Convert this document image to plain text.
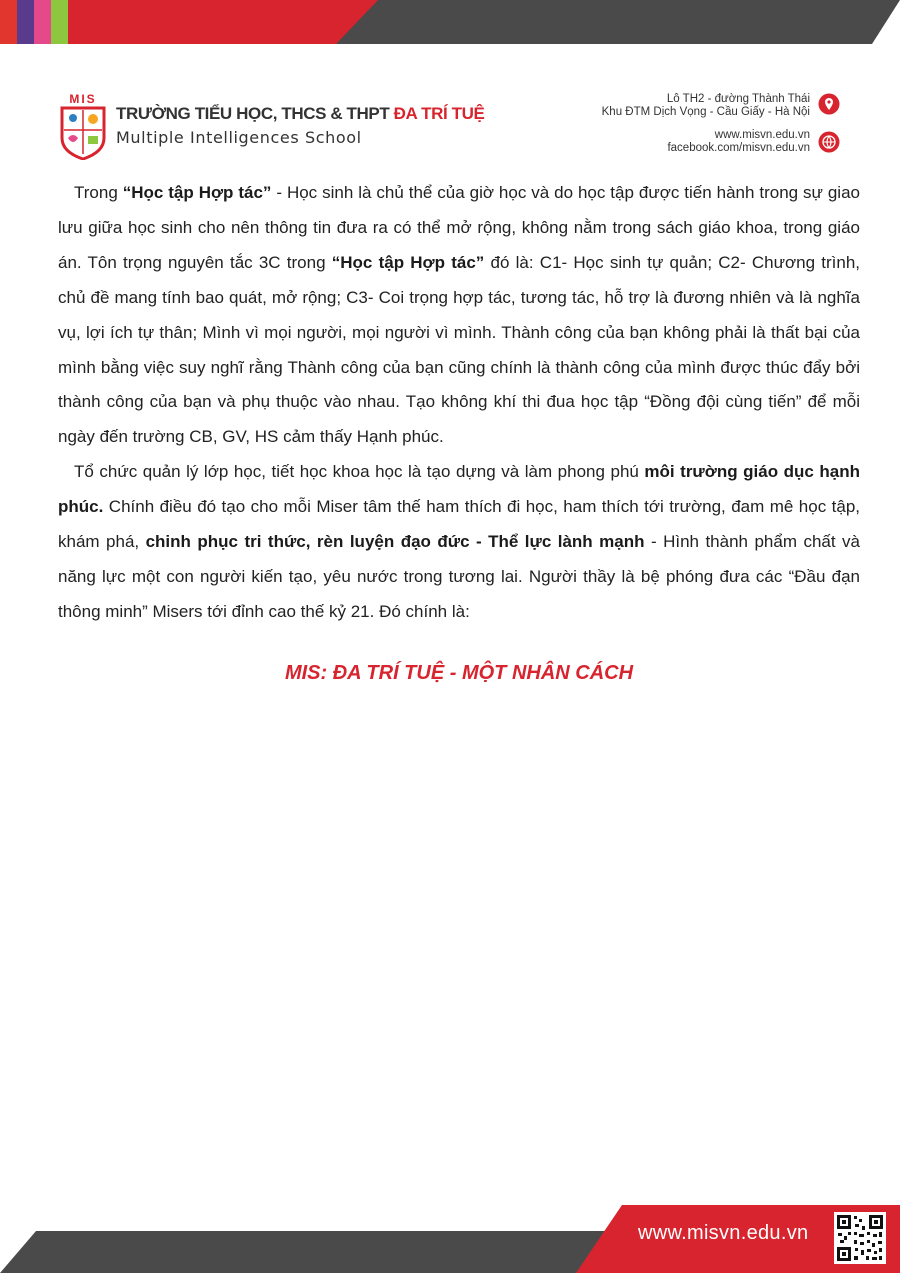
MIS
TRƯỜNG TIỂU HỌC, THCS & THPT ĐA TRÍ TUỆ
Multiple Intelligences School
Lô TH2 - đường Thành Thái
Khu ĐTM Dịch Vọng - Cầu Giấy - Hà Nội
www.misvn.edu.vn
facebook.com/misvn.edu.vn

Trong “Học tập Hợp tác” - Học sinh là chủ thể của giờ học và do học tập được tiến hành trong sự giao lưu giữa học sinh cho nên thông tin đưa ra có thể mở rộng, không nằm trong sách giáo khoa, trong giáo án. Tôn trọng nguyên tắc 3C trong “Học tập Hợp tác” đó là: C1- Học sinh tự quản; C2- Chương trình, chủ đề mang tính bao quát, mở rộng; C3- Coi trọng hợp tác, tương tác, hỗ trợ là đương nhiên và là nghĩa vụ, lợi ích tự thân; Mình vì mọi người, mọi người vì mình. Thành công của bạn không phải là thất bại của mình bằng việc suy nghĩ rằng Thành công của bạn cũng chính là thành công của mình được thúc đẩy bởi thành công của bạn và phụ thuộc vào nhau. Tạo không khí thi đua học tập “Đồng đội cùng tiến” để mỗi ngày đến trường CB, GV, HS cảm thấy Hạnh phúc.

Tổ chức quản lý lớp học, tiết học khoa học là tạo dựng và làm phong phú môi trường giáo dục hạnh phúc. Chính điều đó tạo cho mỗi Miser tâm thế ham thích đi học, ham thích tới trường, đam mê học tập, khám phá, chinh phục tri thức, rèn luyện đạo đức - Thể lực lành mạnh - Hình thành phẩm chất và năng lực một con người kiến tạo, yêu nước trong tương lai. Người thầy là bệ phóng đưa các “Đầu đạn thông minh” Misers tới đỉnh cao thế kỷ 21. Đó chính là:

MIS: ĐA TRÍ TUỆ - MỘT NHÂN CÁCH
www.misvn.edu.vn
